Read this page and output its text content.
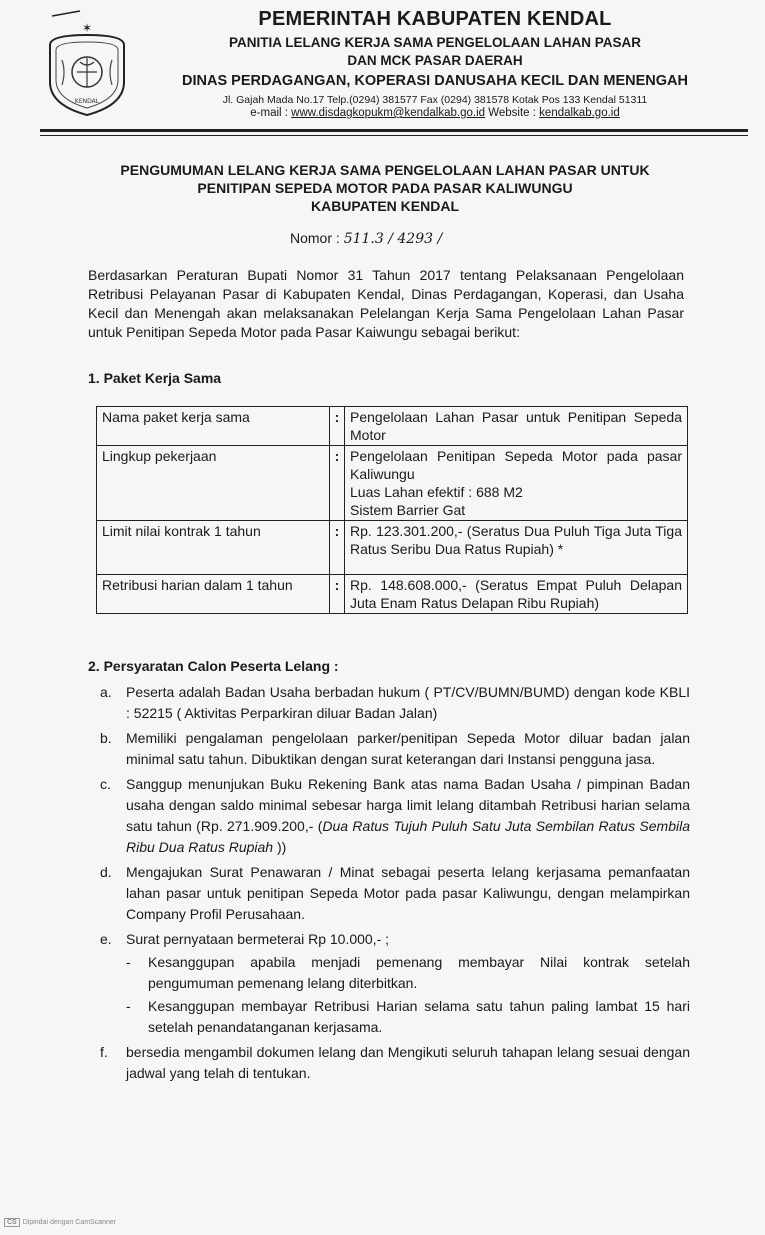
✶
KENDAL
PEMERINTAH KABUPATEN KENDAL
PANITIA LELANG KERJA SAMA PENGELOLAAN LAHAN PASAR
DAN MCK PASAR DAERAH
DINAS PERDAGANGAN, KOPERASI DANUSAHA KECIL DAN MENENGAH
Jl. Gajah Mada No.17 Telp.(0294) 381577 Fax (0294) 381578 Kotak Pos 133 Kendal 51311
e-mail : www.disdagkopukm@kendalkab.go.id Website : kendalkab.go.id
PENGUMUMAN LELANG KERJA SAMA PENGELOLAAN LAHAN PASAR UNTUK
PENITIPAN SEPEDA MOTOR PADA PASAR KALIWUNGU
KABUPATEN KENDAL
Nomor : 511.3 / 4293 /
Berdasarkan Peraturan Bupati Nomor 31 Tahun 2017 tentang Pelaksanaan Pengelolaan Retribusi Pelayanan Pasar di Kabupaten Kendal, Dinas Perdagangan, Koperasi, dan Usaha Kecil dan Menengah akan melaksanakan Pelelangan Kerja Sama Pengelolaan Lahan Pasar untuk Penitipan Sepeda Motor pada Pasar Kaiwungu sebagai berikut:
1. Paket Kerja Sama
Nama paket kerja sama	:	Pengelolaan Lahan Pasar untuk Penitipan Sepeda Motor
Lingkup pekerjaan	:	Pengelolaan Penitipan Sepeda Motor pada pasar Kaliwungu
Luas Lahan efektif : 688 M2
Sistem Barrier Gat

Limit nilai kontrak 1 tahun	:	Rp. 123.301.200,- (Seratus Dua Puluh Tiga Juta Tiga Ratus Seribu Dua Ratus Rupiah) *
Retribusi harian dalam 1 tahun	:	Rp. 148.608.000,- (Seratus Empat Puluh Delapan Juta Enam Ratus Delapan Ribu Rupiah)
2. Persyaratan Calon Peserta Lelang :
a. Peserta adalah Badan Usaha berbadan hukum ( PT/CV/BUMN/BUMD) dengan kode KBLI : 52215 ( Aktivitas Perparkiran diluar Badan Jalan)
b. Memiliki pengalaman pengelolaan parker/penitipan Sepeda Motor diluar badan jalan minimal satu tahun. Dibuktikan dengan surat keterangan dari Instansi pengguna jasa.
c. Sanggup menunjukan Buku Rekening Bank atas nama Badan Usaha / pimpinan Badan usaha dengan saldo minimal sebesar harga limit lelang ditambah Retribusi harian selama satu tahun (Rp. 271.909.200,- (Dua Ratus Tujuh Puluh Satu Juta Sembilan Ratus Sembila Ribu Dua Ratus Rupiah ))
d. Mengajukan Surat Penawaran / Minat sebagai peserta lelang kerjasama pemanfaatan lahan pasar untuk penitipan Sepeda Motor pada pasar Kaliwungu, dengan melampirkan Company Profil Perusahaan.
e. Surat pernyataan bermeterai Rp 10.000,- ;
- Kesanggupan apabila menjadi pemenang membayar Nilai kontrak setelah pengumuman pemenang lelang diterbitkan.
- Kesanggupan membayar Retribusi Harian selama satu tahun paling lambat 15 hari setelah penandatanganan kerjasama.
f. bersedia mengambil dokumen lelang dan Mengikuti seluruh tahapan lelang sesuai dengan jadwal yang telah di tentukan.
CS Dipindai dengan CamScanner
